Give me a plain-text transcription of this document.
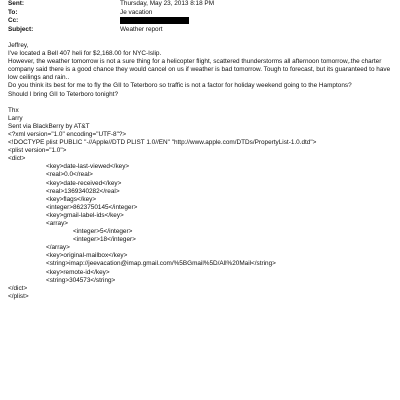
Sent:	Thursday, May 23, 2013 8:18 PM
To:	Je vacation
Cc:
Subject:	Weather report
Jeffrey,
I've located a Bell 407 heli for $2,168.00 for NYC-Islip.
However, the weather tomorrow is not a sure thing for a helicopter flight, scattered thunderstorms all afternoon tomorrow,.the charter company said there is a good chance they would cancel on us if weather is bad tomorrow. Tough to forecast, but its guaranteed to have low ceilings and rain..
Do you think its best for me to fly the GII to Teterboro so traffic is not a factor for holiday weekend going to the Hamptons?
Should I bring GII to Teterboro tonight?
Thx
Larry
Sent via BlackBerry by AT&T
<?xml version="1.0" encoding="UTF-8"?>
<!DOCTYPE plist PUBLIC "-//Apple//DTD PLIST 1.0//EN" "http://www.apple.com/DTDs/PropertyList-1.0.dtd">
<plist version="1.0">
<dict>
<key>date-last-viewed</key>
<real>0.0</real>
<key>date-received</key>
<real>1369340282</real>
<key>flags</key>
<integer>8623750145</integer>
<key>gmail-label-ids</key>
<array>
<integer>5</integer>
<integer>18</integer>
</array>
<key>original-mailbox</key>
<string>imap://jeevacation@imap.gmail.com/%5BGmail%5D/All%20Mail</string>
<key>remote-id</key>
<string>304573</string>
</dict>
</plist>
